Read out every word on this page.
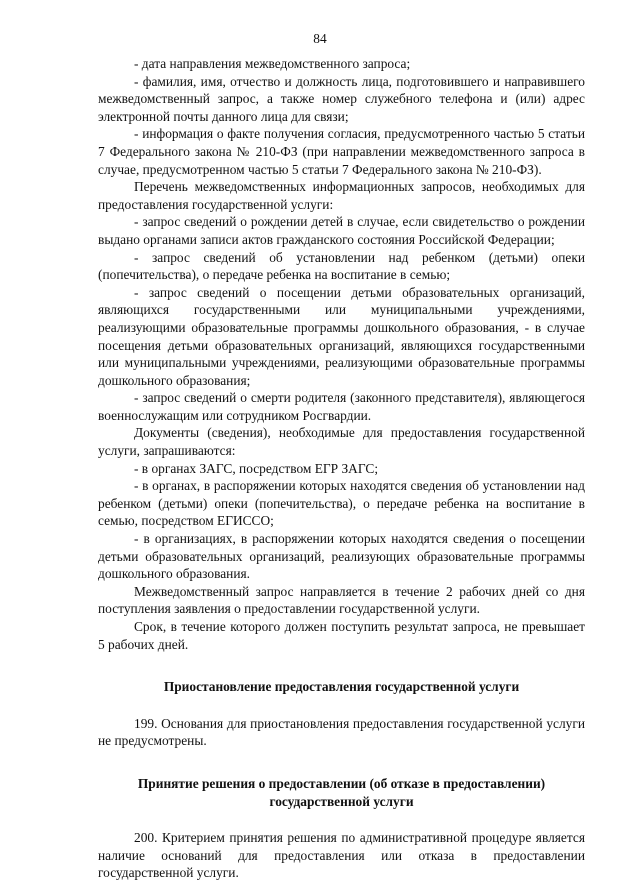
84

- дата направления межведомственного запроса;

- фамилия, имя, отчество и должность лица, подготовившего и направившего межведомственный запрос, а также номер служебного телефона и (или) адрес электронной почты данного лица для связи;

- информация о факте получения согласия, предусмотренного частью 5 статьи 7 Федерального закона № 210-ФЗ (при направлении межведомственного запроса в случае, предусмотренном частью 5 статьи 7 Федерального закона № 210-ФЗ).

Перечень межведомственных информационных запросов, необходимых для предоставления государственной услуги:

- запрос сведений о рождении детей в случае, если свидетельство о рождении выдано органами записи актов гражданского состояния Российской Федерации;

- запрос сведений об установлении над ребенком (детьми) опеки (попечительства), о передаче ребенка на воспитание в семью;

- запрос сведений о посещении детьми образовательных организаций, являющихся государственными или муниципальными учреждениями, реализующими образовательные программы дошкольного образования, - в случае посещения детьми образовательных организаций, являющихся государственными или муниципальными учреждениями, реализующими образовательные программы дошкольного образования;

- запрос сведений о смерти родителя (законного представителя), являющегося военнослужащим или сотрудником Росгвардии.

Документы (сведения), необходимые для предоставления государственной услуги, запрашиваются:

- в органах ЗАГС, посредством ЕГР ЗАГС;

- в органах, в распоряжении которых находятся сведения об установлении над ребенком (детьми) опеки (попечительства), о передаче ребенка на воспитание в семью, посредством ЕГИССО;

- в организациях, в распоряжении которых находятся сведения о посещении детьми образовательных организаций, реализующих образовательные программы дошкольного образования.

Межведомственный запрос направляется в течение 2 рабочих дней со дня поступления заявления о предоставлении государственной услуги.

Срок, в течение которого должен поступить результат запроса, не превышает 5 рабочих дней.

Приостановление предоставления государственной услуги

199. Основания для приостановления предоставления государственной услуги не предусмотрены.

Принятие решения о предоставлении (об отказе в предоставлении)

государственной услуги

200. Критерием принятия решения по административной процедуре является наличие оснований для предоставления или отказа в предоставлении государственной услуги.
